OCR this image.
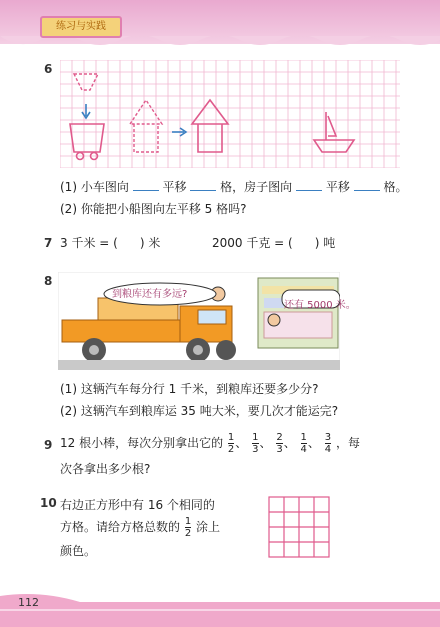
练习与实践
6
(1) 小车图向	平移	格，房子图向	平移	格。
(2) 你能把小船图向左平移 5 格吗?
7 3 千米 = ( ) 米	2000 千克 = ( ) 吨
8
到粮库还有多远?
还有 5000 米。
(1) 这辆汽车每分行 1 千米，到粮库还要多少分?
(2) 这辆汽车到粮库运 35 吨大米，要几次才能运完?
9 12 根小棒，每次分别拿出它的 $\frac{1}{2}$ 、 $\frac{1}{3}$ 、 $\frac{2}{3}$ 、 $\frac{1}{4}$ 、 $\frac{3}{4}$ ，每
次各拿出多少根?
10 右边正方形中有 16 个相同的
方格。请给方格总数的 $\frac{1}{2}$ 涂上
颜色。
112
